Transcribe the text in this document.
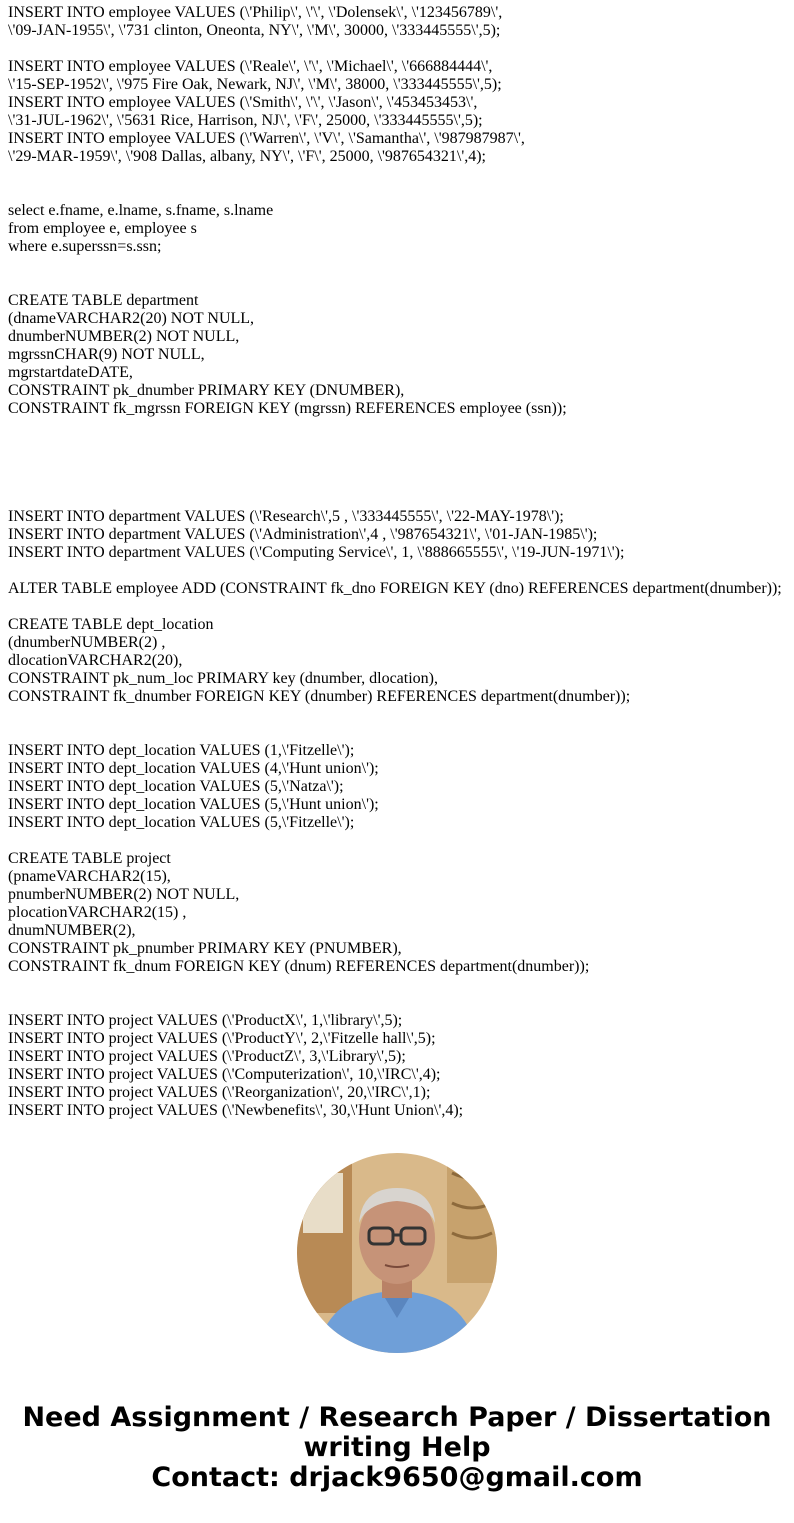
INSERT INTO employee VALUES (\'Philip\', \'\', \'Dolensek\', \'123456789\',
\'09-JAN-1955\', \'731 clinton, Oneonta, NY\', \'M\', 30000, \'333445555\',5);
INSERT INTO employee VALUES (\'Reale\', \'\', \'Michael\', \'666884444\',
\'15-SEP-1952\', \'975 Fire Oak, Newark, NJ\', \'M\', 38000, \'333445555\',5);
INSERT INTO employee VALUES (\'Smith\', \'\', \'Jason\', \'453453453\',
\'31-JUL-1962\', \'5631 Rice, Harrison, NJ\', \'F\', 25000, \'333445555\',5);
INSERT INTO employee VALUES (\'Warren\', \'V\', \'Samantha\', \'987987987\',
\'29-MAR-1959\', \'908 Dallas, albany, NY\', \'F\', 25000, \'987654321\',4);
select e.fname, e.lname, s.fname, s.lname
from employee e, employee s
where e.superssn=s.ssn;
CREATE TABLE department
(dnameVARCHAR2(20) NOT NULL,
dnumberNUMBER(2) NOT NULL,
mgrssnCHAR(9) NOT NULL,
mgrstartdateDATE,
CONSTRAINT pk_dnumber PRIMARY KEY (DNUMBER),
CONSTRAINT fk_mgrssn FOREIGN KEY (mgrssn) REFERENCES employee (ssn));
INSERT INTO department VALUES (\'Research\',5 , \'333445555\', \'22-MAY-1978\');
INSERT INTO department VALUES (\'Administration\',4 , \'987654321\', \'01-JAN-1985\');
INSERT INTO department VALUES (\'Computing Service\', 1, \'888665555\', \'19-JUN-1971\');
ALTER TABLE employee ADD (CONSTRAINT fk_dno FOREIGN KEY (dno) REFERENCES department(dnumber));
CREATE TABLE dept_location
(dnumberNUMBER(2) ,
dlocationVARCHAR2(20),
CONSTRAINT pk_num_loc PRIMARY key (dnumber, dlocation),
CONSTRAINT fk_dnumber FOREIGN KEY (dnumber) REFERENCES department(dnumber));
INSERT INTO dept_location VALUES (1,\'Fitzelle\');
INSERT INTO dept_location VALUES (4,\'Hunt union\');
INSERT INTO dept_location VALUES (5,\'Natza\');
INSERT INTO dept_location VALUES (5,\'Hunt union\');
INSERT INTO dept_location VALUES (5,\'Fitzelle\');
CREATE TABLE project
(pnameVARCHAR2(15),
pnumberNUMBER(2) NOT NULL,
plocationVARCHAR2(15) ,
dnumNUMBER(2),
CONSTRAINT pk_pnumber PRIMARY KEY (PNUMBER),
CONSTRAINT fk_dnum FOREIGN KEY (dnum) REFERENCES department(dnumber));
INSERT INTO project VALUES (\'ProductX\', 1,\'library\',5);
INSERT INTO project VALUES (\'ProductY\', 2,\'Fitzelle hall\',5);
INSERT INTO project VALUES (\'ProductZ\', 3,\'Library\',5);
INSERT INTO project VALUES (\'Computerization\', 10,\'IRC\',4);
INSERT INTO project VALUES (\'Reorganization\', 20,\'IRC\',1);
INSERT INTO project VALUES (\'Newbenefits\', 30,\'Hunt Union\',4);
Need Assignment / Research Paper / Dissertation
writing Help
Contact: drjack9650@gmail.com
